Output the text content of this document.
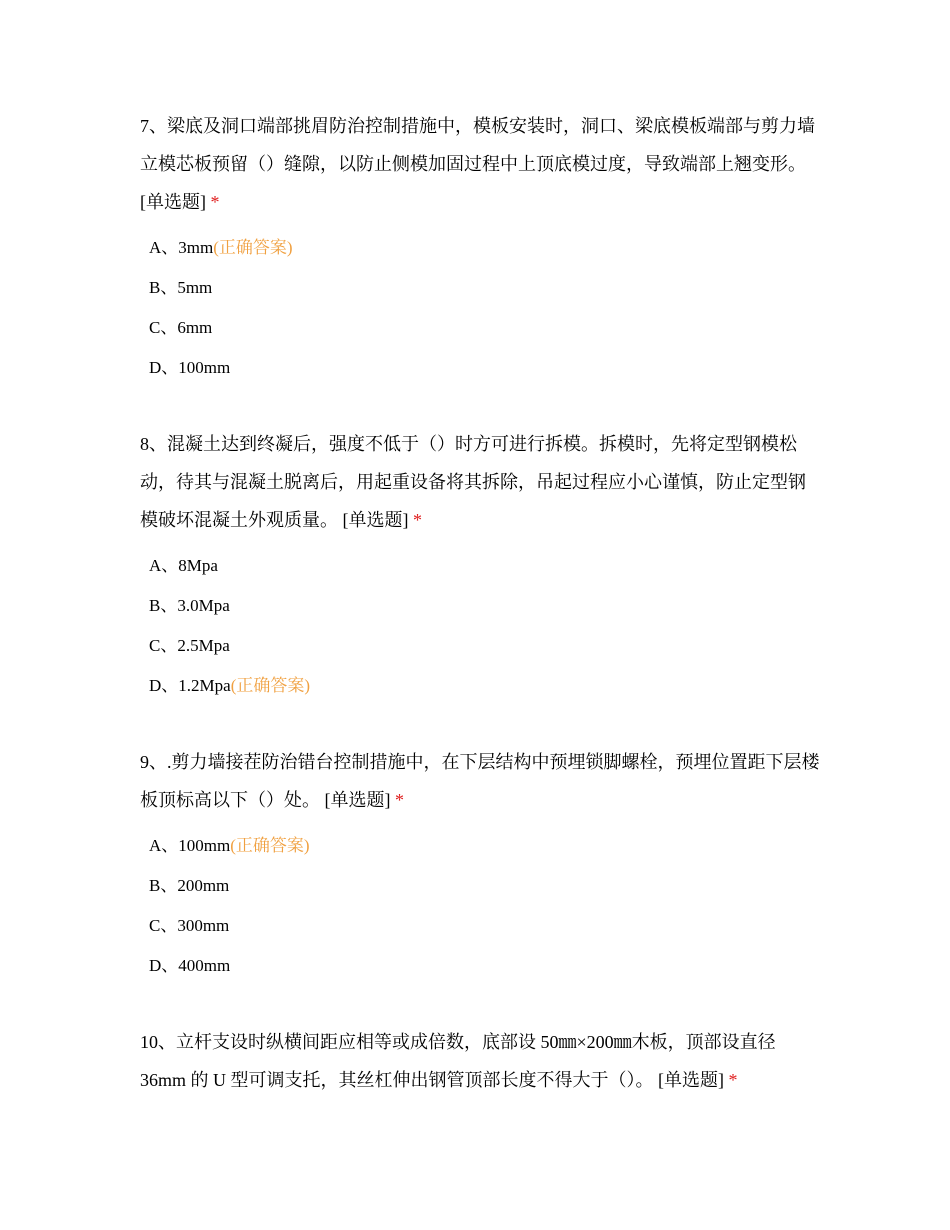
7、梁底及洞口端部挑眉防治控制措施中，模板安装时，洞口、梁底模板端部与剪力墙立模芯板预留（）缝隙，以防止侧模加固过程中上顶底模过度，导致端部上翘变形。 [单选题] *

A、3mm(正确答案)
B、5mm
C、6mm
D、100mm

8、混凝土达到终凝后，强度不低于（）时方可进行拆模。拆模时，先将定型钢模松动，待其与混凝土脱离后，用起重设备将其拆除，吊起过程应小心谨慎，防止定型钢模破坏混凝土外观质量。 [单选题] *

A、8Mpa
B、3.0Mpa
C、2.5Mpa
D、1.2Mpa(正确答案)

9、.剪力墙接茬防治错台控制措施中，在下层结构中预埋锁脚螺栓，预埋位置距下层楼板顶标高以下（）处。 [单选题] *

A、100mm(正确答案)
B、200mm
C、300mm
D、400mm

10、立杆支设时纵横间距应相等或成倍数，底部设 50㎜×200㎜木板，顶部设直径 36mm 的 U 型可调支托，其丝杠伸出钢管顶部长度不得大于（）。 [单选题] *
